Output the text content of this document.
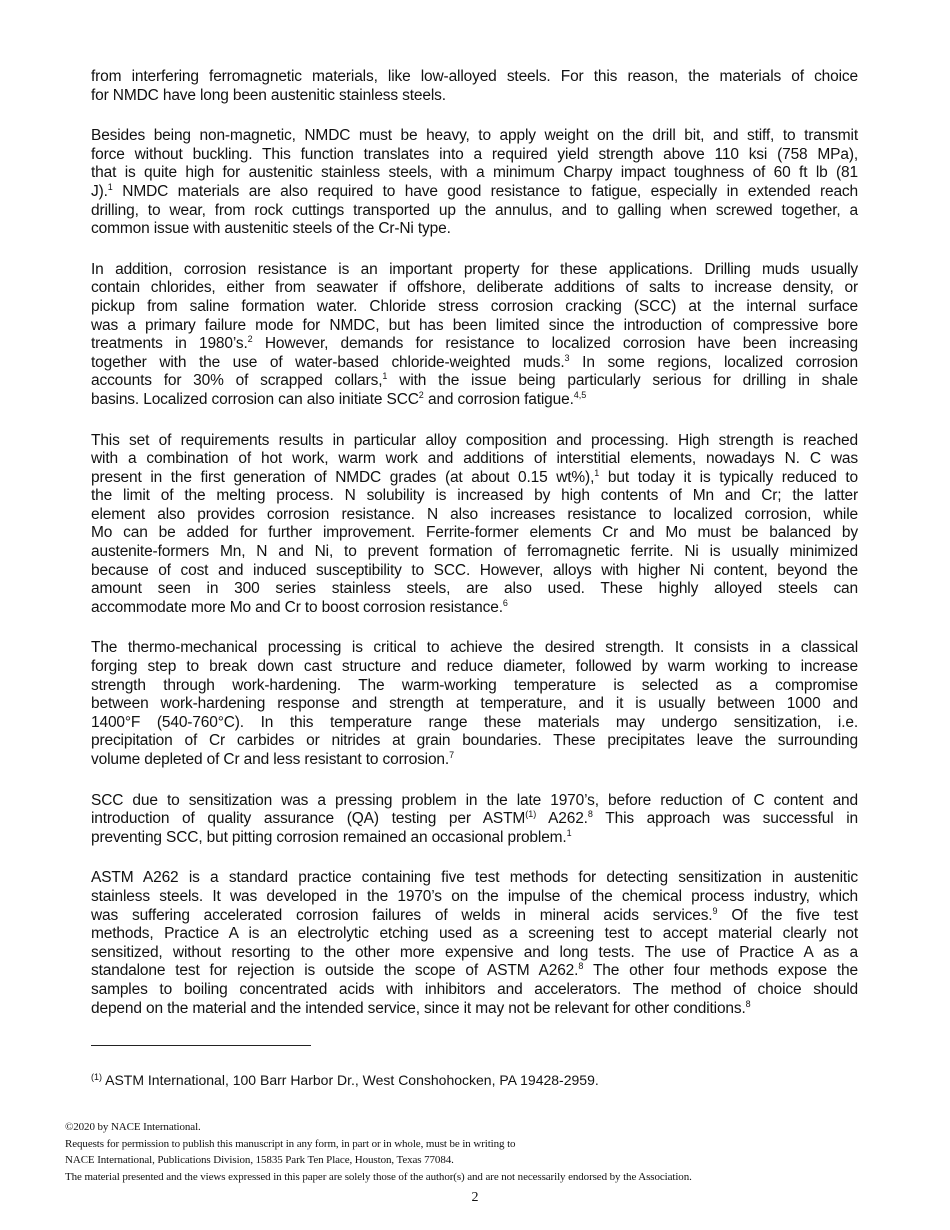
from interfering ferromagnetic materials, like low-alloyed steels. For this reason, the materials of choice
for NMDC have long been austenitic stainless steels.

Besides being non-magnetic, NMDC must be heavy, to apply weight on the drill bit, and stiff, to transmit
force without buckling. This function translates into a required yield strength above 110 ksi (758 MPa),
that is quite high for austenitic stainless steels, with a minimum Charpy impact toughness of 60 ft lb (81
J).$^1$ NMDC materials are also required to have good resistance to fatigue, especially in extended reach
drilling, to wear, from rock cuttings transported up the annulus, and to galling when screwed together, a
common issue with austenitic steels of the Cr-Ni type.

In addition, corrosion resistance is an important property for these applications. Drilling muds usually
contain chlorides, either from seawater if offshore, deliberate additions of salts to increase density, or
pickup from saline formation water. Chloride stress corrosion cracking (SCC) at the internal surface
was a primary failure mode for NMDC, but has been limited since the introduction of compressive bore
treatments in 1980’s.$^2$ However, demands for resistance to localized corrosion have been increasing
together with the use of water-based chloride-weighted muds.$^3$ In some regions, localized corrosion
accounts for 30% of scrapped collars,$^1$ with the issue being particularly serious for drilling in shale
basins. Localized corrosion can also initiate SCC$^2$ and corrosion fatigue.$^{4,5}$

This set of requirements results in particular alloy composition and processing. High strength is reached
with a combination of hot work, warm work and additions of interstitial elements, nowadays N. C was
present in the first generation of NMDC grades (at about 0.15 wt%),$^1$ but today it is typically reduced to
the limit of the melting process. N solubility is increased by high contents of Mn and Cr; the latter
element also provides corrosion resistance. N also increases resistance to localized corrosion, while
Mo can be added for further improvement. Ferrite-former elements Cr and Mo must be balanced by
austenite-formers Mn, N and Ni, to prevent formation of ferromagnetic ferrite. Ni is usually minimized
because of cost and induced susceptibility to SCC. However, alloys with higher Ni content, beyond the
amount seen in 300 series stainless steels, are also used. These highly alloyed steels can
accommodate more Mo and Cr to boost corrosion resistance.$^6$

The thermo-mechanical processing is critical to achieve the desired strength. It consists in a classical
forging step to break down cast structure and reduce diameter, followed by warm working to increase
strength through work-hardening. The warm-working temperature is selected as a compromise
between work-hardening response and strength at temperature, and it is usually between 1000 and
1400°F (540-760°C). In this temperature range these materials may undergo sensitization, i.e.
precipitation of Cr carbides or nitrides at grain boundaries. These precipitates leave the surrounding
volume depleted of Cr and less resistant to corrosion.$^7$

SCC due to sensitization was a pressing problem in the late 1970’s, before reduction of C content and
introduction of quality assurance (QA) testing per ASTM$^{(1)}$ A262.$^8$ This approach was successful in
preventing SCC, but pitting corrosion remained an occasional problem.$^1$

ASTM A262 is a standard practice containing five test methods for detecting sensitization in austenitic
stainless steels. It was developed in the 1970’s on the impulse of the chemical process industry, which
was suffering accelerated corrosion failures of welds in mineral acids services.$^9$ Of the five test
methods, Practice A is an electrolytic etching used as a screening test to accept material clearly not
sensitized, without resorting to the other more expensive and long tests. The use of Practice A as a
standalone test for rejection is outside the scope of ASTM A262.$^8$ The other four methods expose the
samples to boiling concentrated acids with inhibitors and accelerators. The method of choice should
depend on the material and the intended service, since it may not be relevant for other conditions.$^8$

$^{(1)}$ ASTM International, 100 Barr Harbor Dr., West Conshohocken, PA 19428-2959.
©2020 by NACE International.
Requests for permission to publish this manuscript in any form, in part or in whole, must be in writing to
NACE International, Publications Division, 15835 Park Ten Place, Houston, Texas 77084.
The material presented and the views expressed in this paper are solely those of the author(s) and are not necessarily endorsed by the Association.
2
